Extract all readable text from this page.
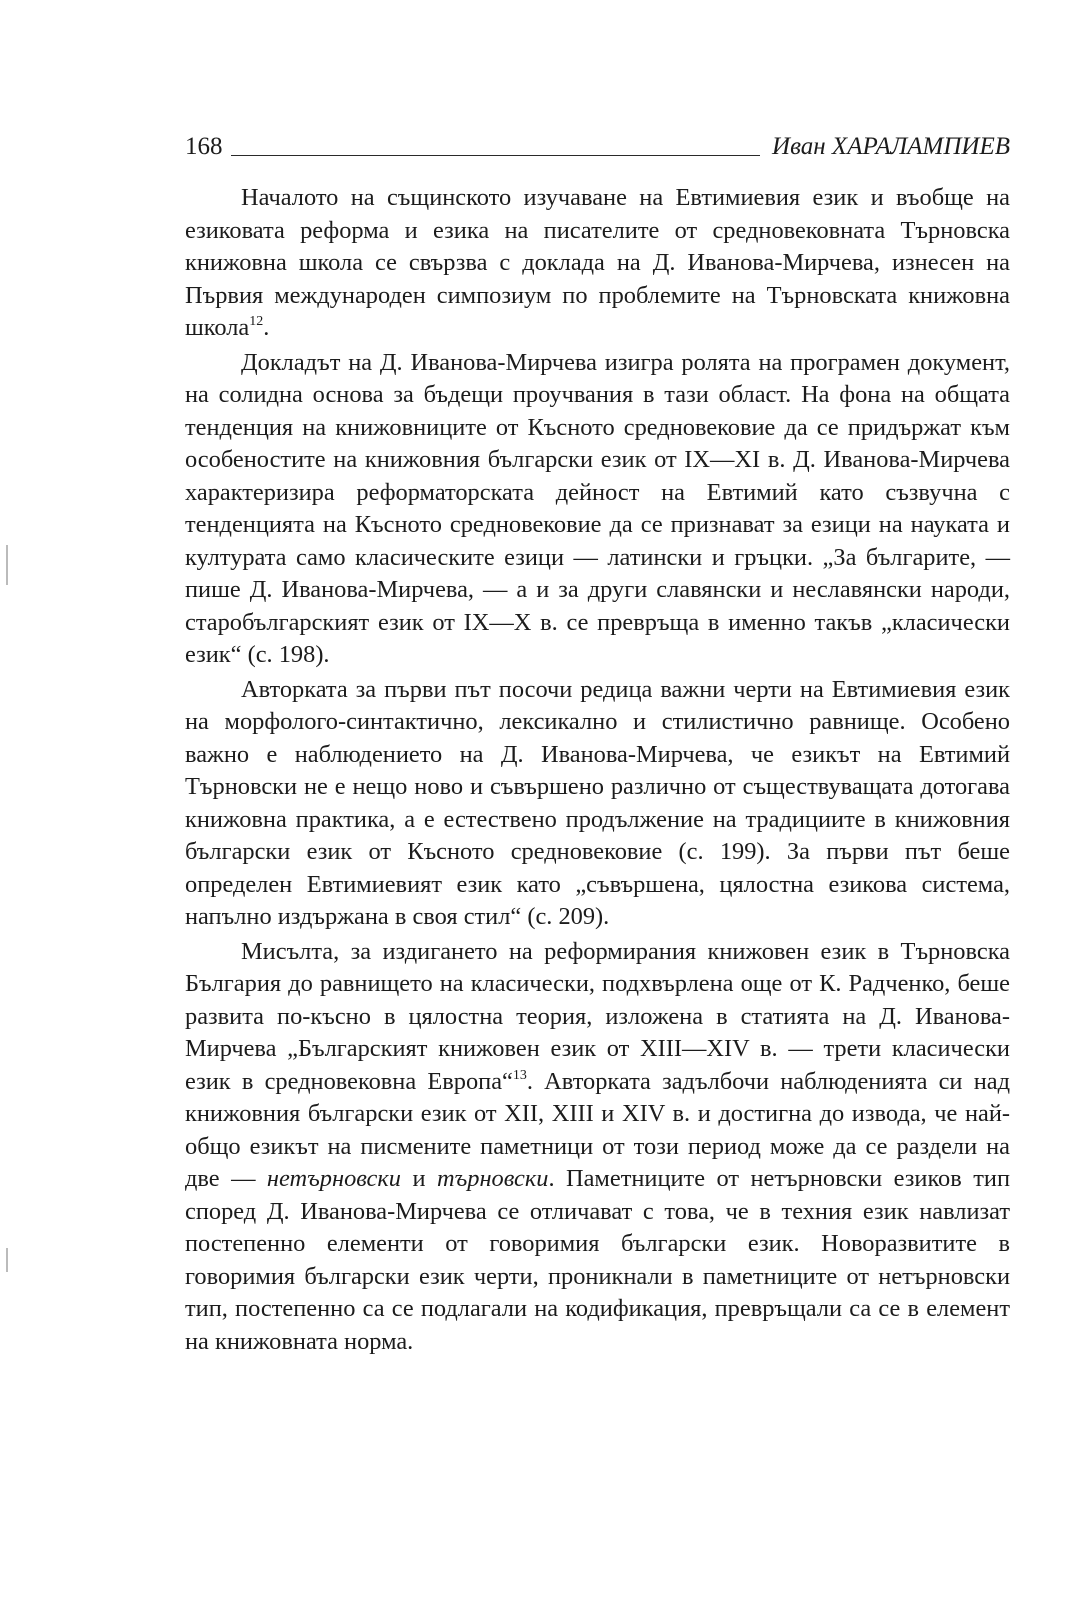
168	Иван ХАРАЛАМПИЕВ

Началото на същинското изучаване на Евтимиевия език и въобще на езиковата реформа и езика на писателите от средновековната Търновска книжовна школа се свързва с доклада на Д. Иванова-Мирчева, изнесен на Първия международен симпозиум по проблемите на Търновската книжовна школа$^{12}$.

Докладът на Д. Иванова-Мирчева изигра ролята на програмен документ, на солидна основа за бъдещи проучвания в тази област. На фона на общата тенденция на книжовниците от Късното средновековие да се придържат към особеностите на книжовния български език от IX—XI в. Д. Иванова-Мирчева характеризира реформаторската дейност на Евтимий като съзвучна с тенденцията на Късното средновековие да се признават за езици на науката и културата само класическите езици — латински и гръцки. „За българите, — пише Д. Иванова-Мирчева, — а и за други славянски и неславянски народи, старобългарският език от IX—X в. се превръща в именно такъв „класически език“ (с. 198).

Авторката за първи път посочи редица важни черти на Евтимиевия език на морфолого-синтактично, лексикално и стилистично равнище. Особено важно е наблюдението на Д. Иванова-Мирчева, че езикът на Евтимий Търновски не е нещо ново и съвършено различно от съществуващата дотогава книжовна практика, а е естествено продължение на традициите в книжовния български език от Късното средновековие (с. 199). За първи път беше определен Евтимиевият език като „съвършена, цялостна езикова система, напълно издържана в своя стил“ (с. 209).

Мисълта, за издигането на реформирания книжовен език в Търновска България до равнището на класически, подхвърлена още от К. Радченко, беше развита по-късно в цялостна теория, изложена в статията на Д. Иванова-Мирчева „Българският книжовен език от XIII—XIV в. — трети класически език в средновековна Европа“$^{13}$. Авторката задълбочи наблюденията си над книжовния български език от XII, XIII и XIV в. и достигна до извода, че най-общо езикът на писмените паметници от този период може да се раздели на две — нетърновски и търновски. Паметниците от нетърновски езиков тип според Д. Иванова-Мирчева се отличават с това, че в техния език навлизат постепенно елементи от говоримия български език. Новоразвитите в говоримия български език черти, проникнали в паметниците от нетърновски тип, постепенно са се подлагали на кодификация, превръщали са се в елемент на книжовната норма.
